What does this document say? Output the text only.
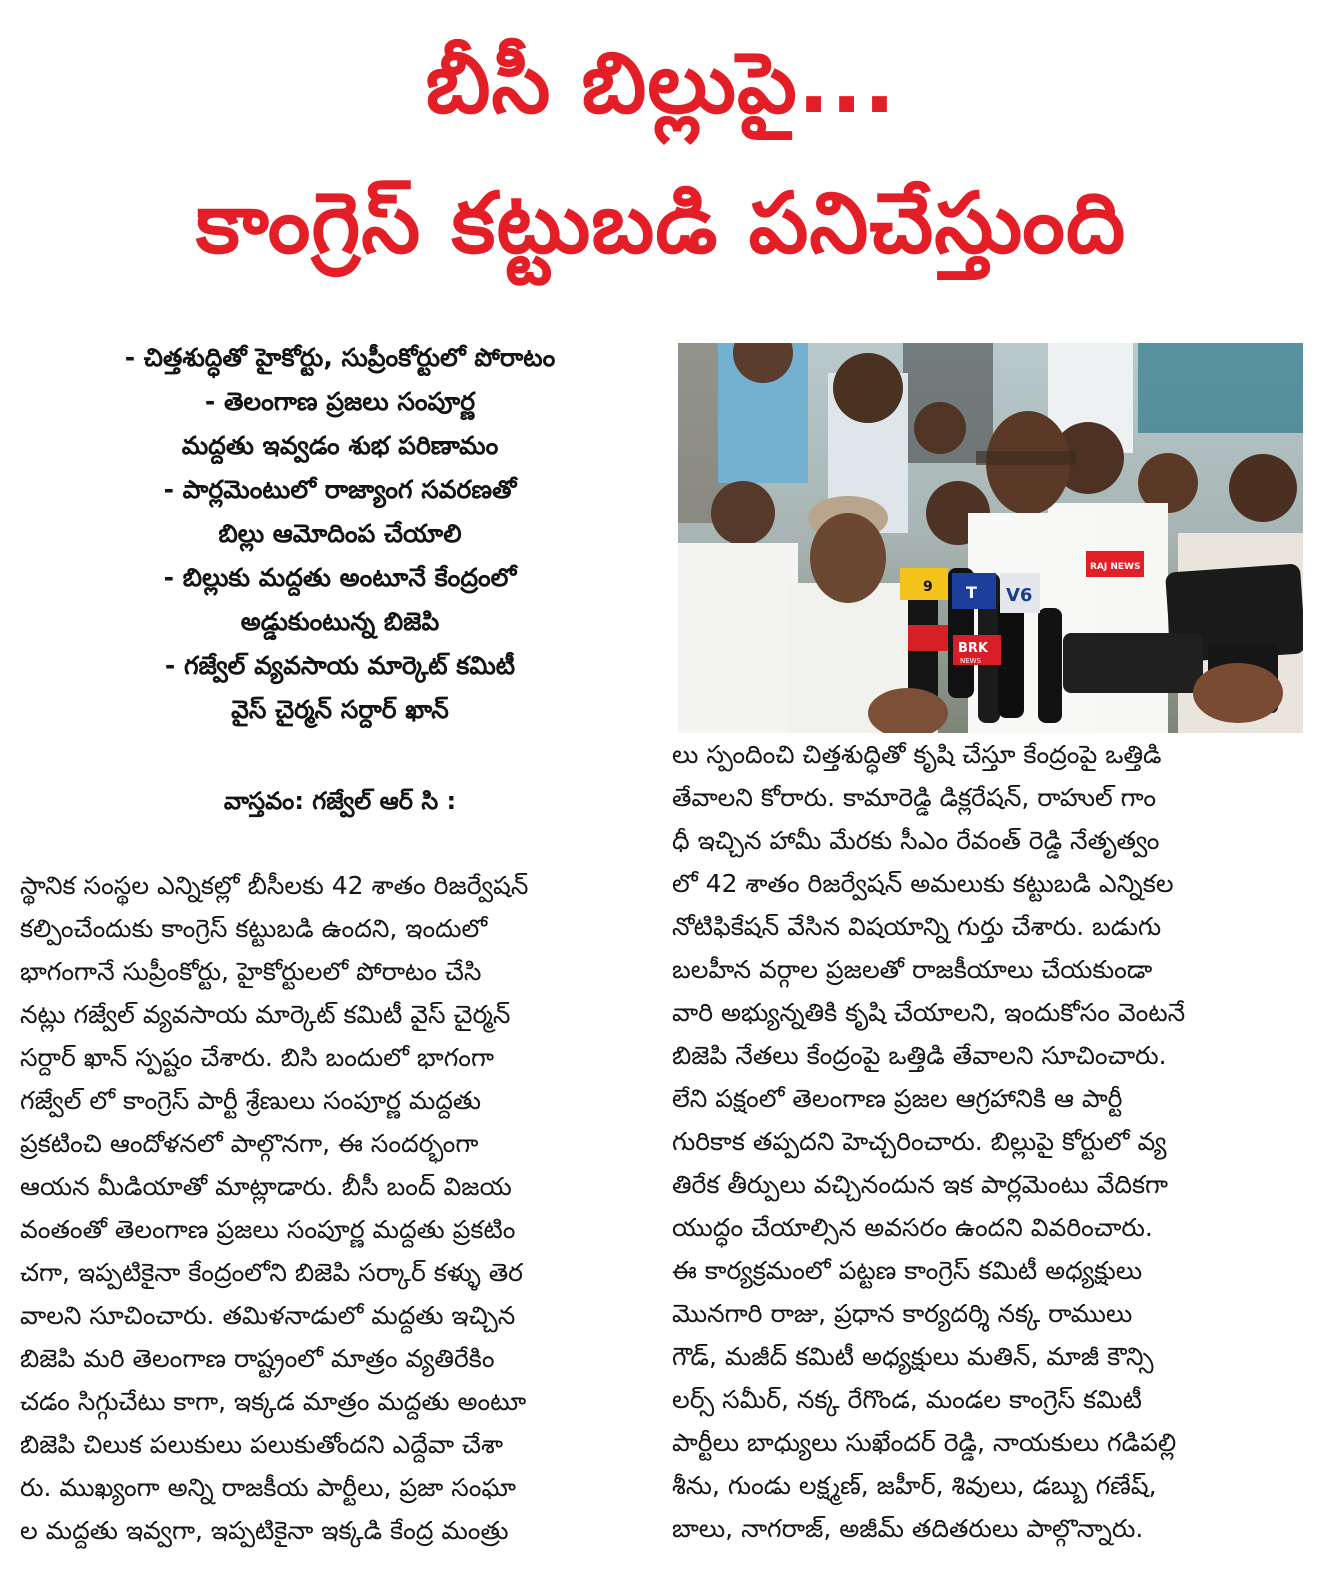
బీసీ బిల్లుపై...
కాంగ్రెస్ కట్టుబడి పనిచేస్తుంది
- చిత్తశుద్ధితో హైకోర్టు, సుప్రీంకోర్టులో పోరాటం
- తెలంగాణ ప్రజలు సంపూర్ణ
మద్దతు ఇవ్వడం శుభ పరిణామం
- పార్లమెంటులో రాజ్యాంగ సవరణతో
బిల్లు ఆమోదింప చేయాలి
- బిల్లుకు మద్దతు అంటూనే కేంద్రంలో
అడ్డుకుంటున్న బిజెపి
- గజ్వేల్ వ్యవసాయ మార్కెట్ కమిటీ
వైస్ చైర్మన్ సర్దార్ ఖాన్
9 T V6
BRK
NEWS
RAJ NEWS
వాస్తవం: గజ్వేల్ ఆర్ సి :
స్థానిక సంస్థల ఎన్నికల్లో బీసీలకు 42 శాతం రిజర్వేషన్
కల్పించేందుకు కాంగ్రెస్ కట్టుబడి ఉందని, ఇందులో
భాగంగానే సుప్రీంకోర్టు, హైకోర్టులలో పోరాటం చేసి
నట్లు గజ్వేల్ వ్యవసాయ మార్కెట్ కమిటీ వైస్ చైర్మన్
సర్దార్ ఖాన్ స్పష్టం చేశారు. బిసి బందులో భాగంగా
గజ్వేల్ లో కాంగ్రెస్ పార్టీ శ్రేణులు సంపూర్ణ మద్దతు
ప్రకటించి ఆందోళనలో పాల్గొనగా, ఈ సందర్భంగా
ఆయన మీడియాతో మాట్లాడారు. బీసీ బంద్ విజయ
వంతంతో తెలంగాణ ప్రజలు సంపూర్ణ మద్దతు ప్రకటిం
చగా, ఇప్పటికైనా కేంద్రంలోని బిజెపి సర్కార్ కళ్ళు తెర
వాలని సూచించారు. తమిళనాడులో మద్దతు ఇచ్చిన
బిజెపి మరి తెలంగాణ రాష్ట్రంలో మాత్రం వ్యతిరేకిం
చడం సిగ్గుచేటు కాగా, ఇక్కడ మాత్రం మద్దతు అంటూ
బిజెపి చిలుక పలుకులు పలుకుతోందని ఎద్దేవా చేశా
రు. ముఖ్యంగా అన్ని రాజకీయ పార్టీలు, ప్రజా సంఘా
ల మద్దతు ఇవ్వగా, ఇప్పటికైనా ఇక్కడి కేంద్ర మంత్రు
లు స్పందించి చిత్తశుద్ధితో కృషి చేస్తూ కేంద్రంపై ఒత్తిడి
తేవాలని కోరారు. కామారెడ్డి డిక్లరేషన్, రాహుల్ గాం
ధీ ఇచ్చిన హామీ మేరకు సీఎం రేవంత్ రెడ్డి నేతృత్వం
లో 42 శాతం రిజర్వేషన్ అమలుకు కట్టుబడి ఎన్నికల
నోటిఫికేషన్ వేసిన విషయాన్ని గుర్తు చేశారు. బడుగు
బలహీన వర్గాల ప్రజలతో రాజకీయాలు చేయకుండా
వారి అభ్యున్నతికి కృషి చేయాలని, ఇందుకోసం వెంటనే
బిజెపి నేతలు కేంద్రంపై ఒత్తిడి తేవాలని సూచించారు.
లేని పక్షంలో తెలంగాణ ప్రజల ఆగ్రహానికి ఆ పార్టీ
గురికాక తప్పదని హెచ్చరించారు. బిల్లుపై కోర్టులో వ్య
తిరేక తీర్పులు వచ్చినందున ఇక పార్లమెంటు వేదికగా
యుద్ధం చేయాల్సిన అవసరం ఉందని వివరించారు.
ఈ కార్యక్రమంలో పట్టణ కాంగ్రెస్ కమిటీ అధ్యక్షులు
మొనగారి రాజు, ప్రధాన కార్యదర్శి నక్క రాములు
గౌడ్, మజీద్ కమిటీ అధ్యక్షులు మతిన్, మాజీ కౌన్సి
లర్స్ సమీర్, నక్క రేగొండ, మండల కాంగ్రెస్ కమిటీ
పార్టీలు బాధ్యులు సుఖేందర్ రెడ్డి, నాయకులు గడిపల్లి
శీను, గుండు లక్ష్మణ్, జహీర్, శివులు, డబ్బు గణేష్,
బాలు, నాగరాజ్, అజీమ్ తదితరులు పాల్గొన్నారు.
